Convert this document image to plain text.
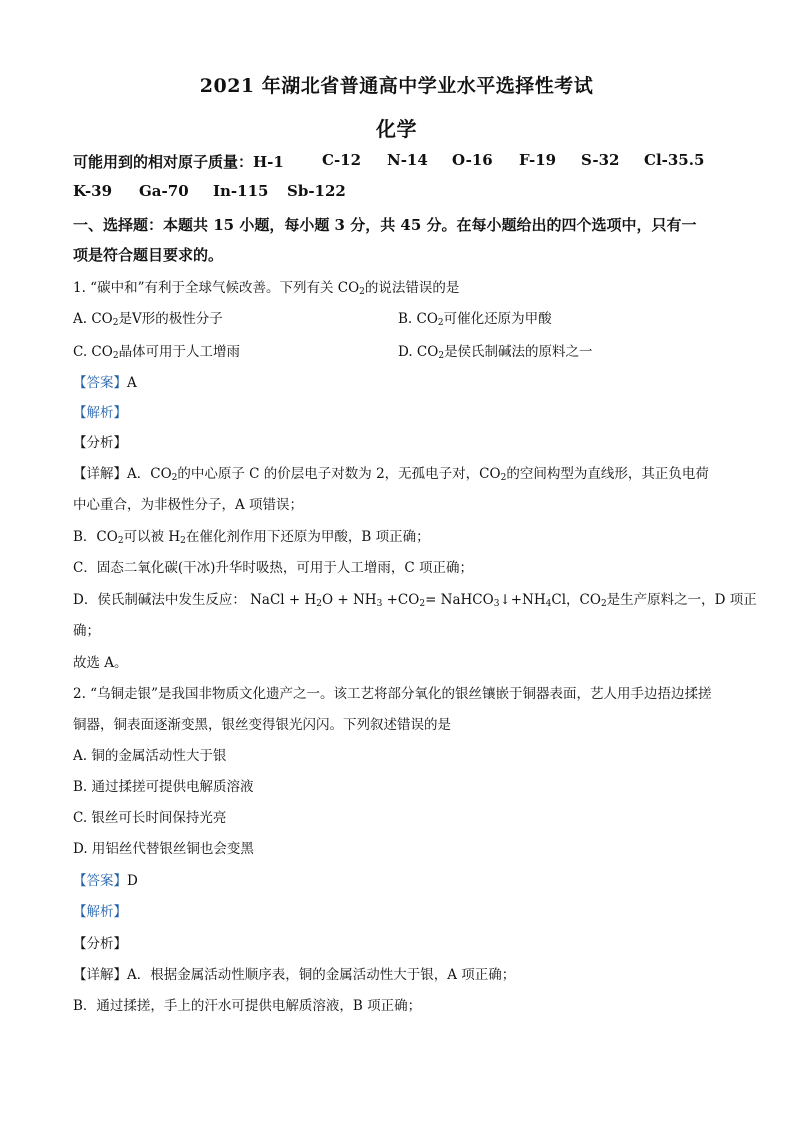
2021 年湖北省普通高中学业水平选择性考试
化学
可能用到的相对原子质量：H-1	C-12 N-14 O-16 F-19 S-32 Cl-35.5
K-39 Ga-70 In-115 Sb-122
一、选择题：本题共 15 小题，每小题 3 分，共 45 分。在每小题给出的四个选项中，只有一
项是符合题目要求的。
1. “碳中和”有利于全球气候改善。下列有关 $CO_2$的说法错误的是
A. $CO_2$是V形的极性分子	B. $CO_2$可催化还原为甲酸
C. $CO_2$晶体可用于人工增雨	D. $CO_2$是侯氏制碱法的原料之一
【答案】A
【解析】
【分析】
【详解】A．$CO_2$的中心原子 C 的价层电子对数为 2，无孤电子对，$CO_2$的空间构型为直线形，其正负电荷
中心重合，为非极性分子，A 项错误；
B．$CO_2$可以被 $H_2$在催化剂作用下还原为甲酸，B 项正确；
C．固态二氧化碳(干冰)升华时吸热，可用于人工增雨，C 项正确；
D．侯氏制碱法中发生反应： NaCl + $H_2O + NH_3 +CO_2=$ $NaHCO_3↓+NH_4Cl$，$CO_2$是生产原料之一，D 项正
确；
故选 A。
2. “乌铜走银”是我国非物质文化遗产之一。该工艺将部分氧化的银丝镶嵌于铜器表面，艺人用手边捂边揉搓
铜器，铜表面逐渐变黑，银丝变得银光闪闪。下列叙述错误的是
A. 铜的金属活动性大于银
B. 通过揉搓可提供电解质溶液
C. 银丝可长时间保持光亮
D. 用铝丝代替银丝铜也会变黑
【答案】D
【解析】
【分析】
【详解】A．根据金属活动性顺序表，铜的金属活动性大于银，A 项正确；
B．通过揉搓，手上的汗水可提供电解质溶液，B 项正确；
